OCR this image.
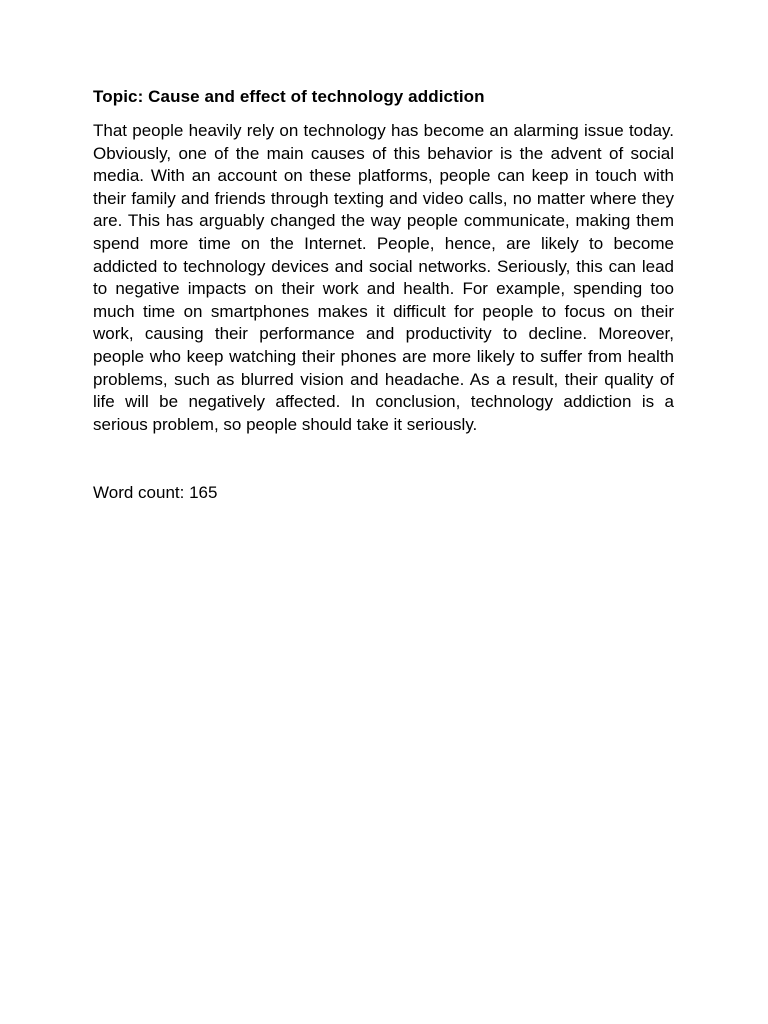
Topic: Cause and effect of technology addiction

That people heavily rely on technology has become an alarming issue today. Obviously, one of the main causes of this behavior is the advent of social media. With an account on these platforms, people can keep in touch with their family and friends through texting and video calls, no matter where they are. This has arguably changed the way people communicate, making them spend more time on the Internet. People, hence, are likely to become addicted to technology devices and social networks. Seriously, this can lead to negative impacts on their work and health. For example, spending too much time on smartphones makes it difficult for people to focus on their work, causing their performance and productivity to decline. Moreover, people who keep watching their phones are more likely to suffer from health problems, such as blurred vision and headache. As a result, their quality of life will be negatively affected. In conclusion, technology addiction is a serious problem, so people should take it seriously.

Word count: 165
